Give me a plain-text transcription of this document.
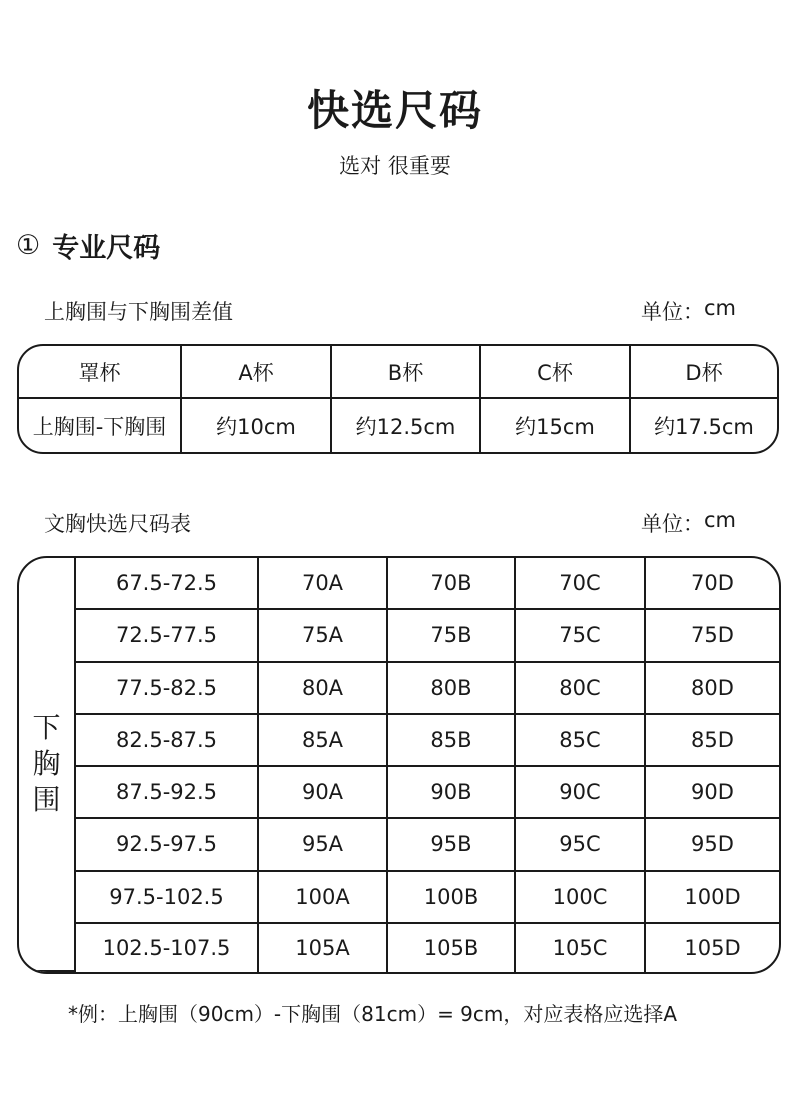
快选尺码
选对 很重要
① 专业尺码
上胸围与下胸围差值	单位： cm
罩杯	A杯	B杯	C杯	D杯
上胸围-下胸围	约10cm	约12.5cm	约15cm	约17.5cm
文胸快选尺码表	单位： cm
下
胸
围	67.5-72.5	70A	70B	70C	70D
	72.5-77.5	75A	75B	75C	75D
	77.5-82.5	80A	80B	80C	80D
	82.5-87.5	85A	85B	85C	85D
	87.5-92.5	90A	90B	90C	90D
	92.5-97.5	95A	95B	95C	95D
	97.5-102.5	100A	100B	100C	100D
	102.5-107.5	105A	105B	105C	105D
*例：上胸围（90cm）-下胸围（81cm）= 9cm，对应表格应选择A
